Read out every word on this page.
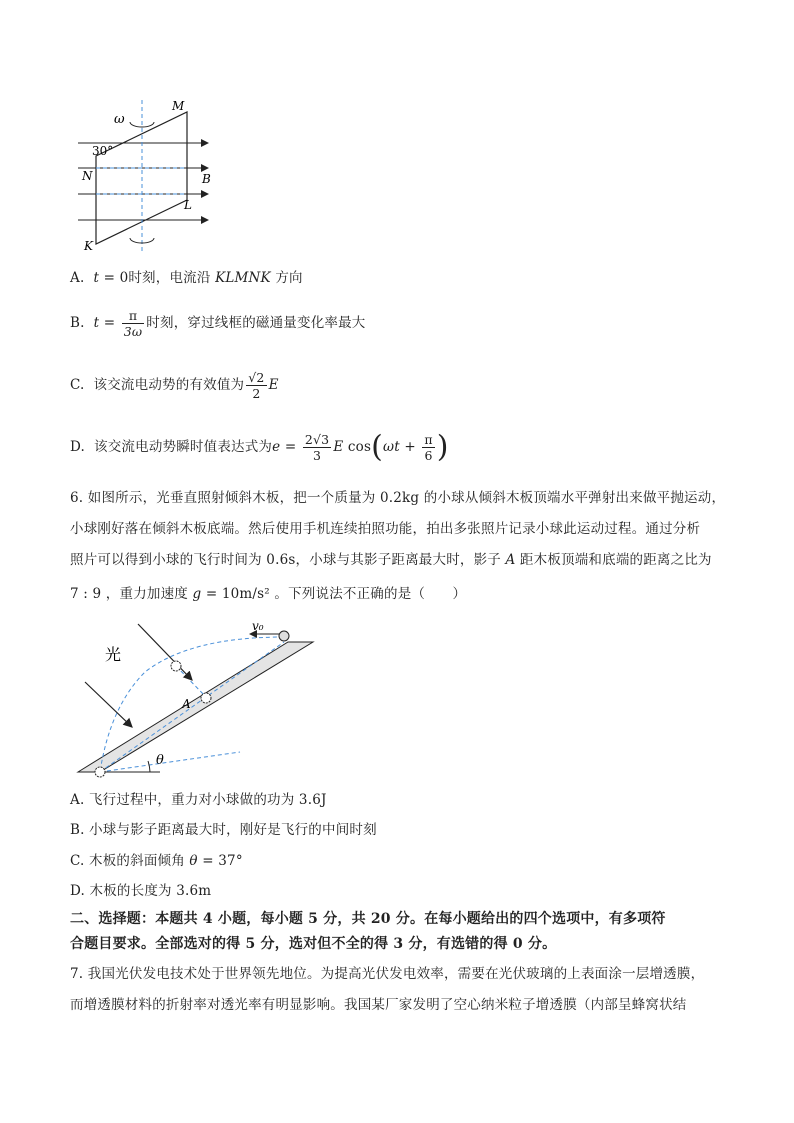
ω
30°
M
N	B
L
K
A. t = 0时刻，电流沿 KLMNK 方向
B. $t = \frac{\pi}{3\omega}$ 时刻，穿过线框的磁通量变化率最大
C. 该交流电动势的有效值为 $\frac{√2}{2}$ E
D. 该交流电动势瞬时值表达式为$e = \frac{2√3}{3}$ E $\cos(\omega t + \frac{\pi}{6}$ )
6. 如图所示，光垂直照射倾斜木板，把一个质量为 0.2kg 的小球从倾斜木板顶端水平弹射出来做平抛运动，
小球刚好落在倾斜木板底端。然后使用手机连续拍照功能，拍出多张照片记录小球此运动过程。通过分析
照片可以得到小球的飞行时间为 0.6s，小球与其影子距离最大时，影子 A 距木板顶端和底端的距离之比为
7 : 9 ，重力加速度 g = 10m/s² 。下列说法不正确的是（　　）
光
v₀
A
θ
A. 飞行过程中，重力对小球做的功为 3.6J
B. 小球与影子距离最大时，刚好是飞行的中间时刻
C. 木板的斜面倾角 θ = 37°
D. 木板的长度为 3.6m
二、选择题：本题共 4 小题，每小题 5 分，共 20 分。在每小题给出的四个选项中，有多项符
合题目要求。全部选对的得 5 分，选对但不全的得 3 分，有选错的得 0 分。
7. 我国光伏发电技术处于世界领先地位。为提高光伏发电效率，需要在光伏玻璃的上表面涂一层增透膜，
而增透膜材料的折射率对透光率有明显影响。我国某厂家发明了空心纳米粒子增透膜（内部呈蜂窝状结
